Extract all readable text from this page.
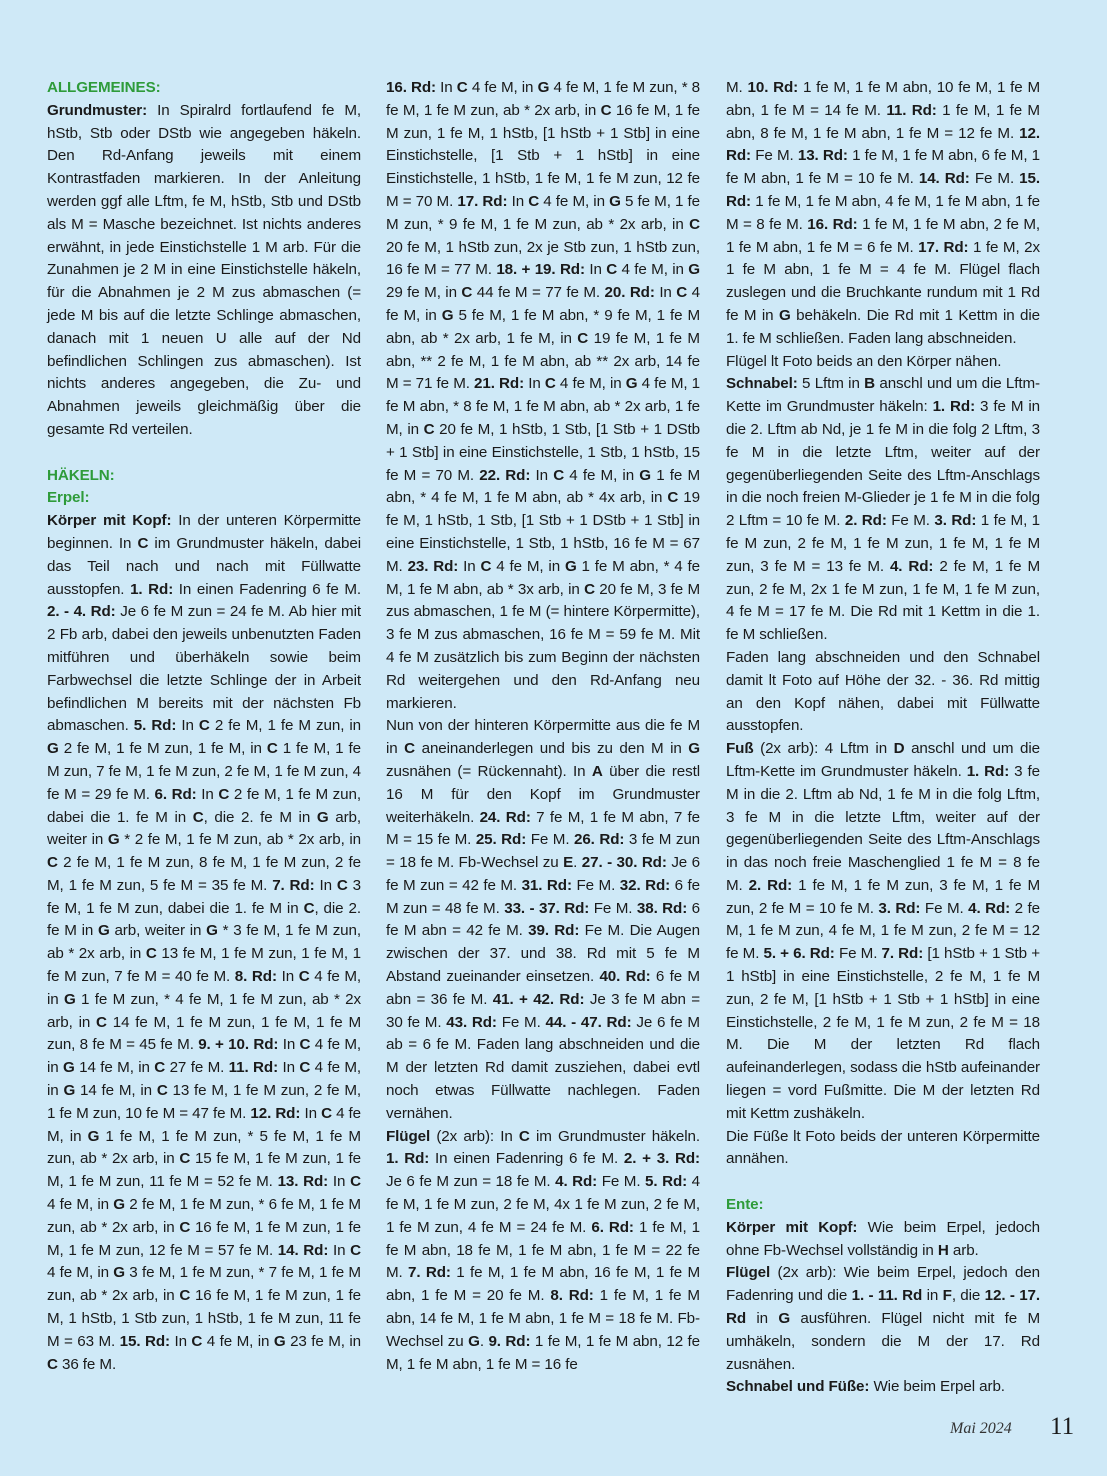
ALLGEMEINES:

Grundmuster: In Spiralrd fortlaufend fe M, hStb, Stb oder DStb wie angegeben häkeln. Den Rd-Anfang jeweils mit einem Kontrastfaden markieren. In der Anleitung werden ggf alle Lftm, fe M, hStb, Stb und DStb als M = Masche bezeichnet. Ist nichts anderes erwähnt, in jede Einstichstelle 1 M arb. Für die Zunahmen je 2 M in eine Einstichstelle häkeln, für die Abnahmen je 2 M zus abmaschen (= jede M bis auf die letzte Schlinge abmaschen, danach mit 1 neuen U alle auf der Nd befindlichen Schlingen zus abmaschen). Ist nichts anderes angegeben, die Zu- und Abnahmen jeweils gleichmäßig über die gesamte Rd verteilen.

HÄKELN:

Erpel:

Körper mit Kopf: In der unteren Körpermitte beginnen. In C im Grundmuster häkeln, dabei das Teil nach und nach mit Füllwatte ausstopfen. 1. Rd: In einen Fadenring 6 fe M. 2. - 4. Rd: Je 6 fe M zun = 24 fe M. Ab hier mit 2 Fb arb, dabei den jeweils unbenutzten Faden mitführen und überhäkeln sowie beim Farbwechsel die letzte Schlinge der in Arbeit befindlichen M bereits mit der nächsten Fb abmaschen. 5. Rd: In C 2 fe M, 1 fe M zun, in G 2 fe M, 1 fe M zun, 1 fe M, in C 1 fe M, 1 fe M zun, 7 fe M, 1 fe M zun, 2 fe M, 1 fe M zun, 4 fe M = 29 fe M. 6. Rd: In C 2 fe M, 1 fe M zun, dabei die 1. fe M in C, die 2. fe M in G arb, weiter in G * 2 fe M, 1 fe M zun, ab * 2x arb, in C 2 fe M, 1 fe M zun, 8 fe M, 1 fe M zun, 2 fe M, 1 fe M zun, 5 fe M = 35 fe M. 7. Rd: In C 3 fe M, 1 fe M zun, dabei die 1. fe M in C, die 2. fe M in G arb, weiter in G * 3 fe M, 1 fe M zun, ab * 2x arb, in C 13 fe M, 1 fe M zun, 1 fe M, 1 fe M zun, 7 fe M = 40 fe M. 8. Rd: In C 4 fe M, in G 1 fe M zun, * 4 fe M, 1 fe M zun, ab * 2x arb, in C 14 fe M, 1 fe M zun, 1 fe M, 1 fe M zun, 8 fe M = 45 fe M. 9. + 10. Rd: In C 4 fe M, in G 14 fe M, in C 27 fe M. 11. Rd: In C 4 fe M, in G 14 fe M, in C 13 fe M, 1 fe M zun, 2 fe M, 1 fe M zun, 10 fe M = 47 fe M. 12. Rd: In C 4 fe M, in G 1 fe M, 1 fe M zun, * 5 fe M, 1 fe M zun, ab * 2x arb, in C 15 fe M, 1 fe M zun, 1 fe M, 1 fe M zun, 11 fe M = 52 fe M. 13. Rd: In C 4 fe M, in G 2 fe M, 1 fe M zun, * 6 fe M, 1 fe M zun, ab * 2x arb, in C 16 fe M, 1 fe M zun, 1 fe M, 1 fe M zun, 12 fe M = 57 fe M. 14. Rd: In C 4 fe M, in G 3 fe M, 1 fe M zun, * 7 fe M, 1 fe M zun, ab * 2x arb, in C 16 fe M, 1 fe M zun, 1 fe M, 1 hStb, 1 Stb zun, 1 hStb, 1 fe M zun, 11 fe M = 63 M. 15. Rd: In C 4 fe M, in G 23 fe M, in C 36 fe M.

16. Rd: In C 4 fe M, in G 4 fe M, 1 fe M zun, * 8 fe M, 1 fe M zun, ab * 2x arb, in C 16 fe M, 1 fe M zun, 1 fe M, 1 hStb, [1 hStb + 1 Stb] in eine Einstichstelle, [1 Stb + 1 hStb] in eine Einstichstelle, 1 hStb, 1 fe M, 1 fe M zun, 12 fe M = 70 M. 17. Rd: In C 4 fe M, in G 5 fe M, 1 fe M zun, * 9 fe M, 1 fe M zun, ab * 2x arb, in C 20 fe M, 1 hStb zun, 2x je Stb zun, 1 hStb zun, 16 fe M = 77 M. 18. + 19. Rd: In C 4 fe M, in G 29 fe M, in C 44 fe M = 77 fe M. 20. Rd: In C 4 fe M, in G 5 fe M, 1 fe M abn, * 9 fe M, 1 fe M abn, ab * 2x arb, 1 fe M, in C 19 fe M, 1 fe M abn, ** 2 fe M, 1 fe M abn, ab ** 2x arb, 14 fe M = 71 fe M. 21. Rd: In C 4 fe M, in G 4 fe M, 1 fe M abn, * 8 fe M, 1 fe M abn, ab * 2x arb, 1 fe M, in C 20 fe M, 1 hStb, 1 Stb, [1 Stb + 1 DStb + 1 Stb] in eine Einstichstelle, 1 Stb, 1 hStb, 15 fe M = 70 M. 22. Rd: In C 4 fe M, in G 1 fe M abn, * 4 fe M, 1 fe M abn, ab * 4x arb, in C 19 fe M, 1 hStb, 1 Stb, [1 Stb + 1 DStb + 1 Stb] in eine Einstichstelle, 1 Stb, 1 hStb, 16 fe M = 67 M. 23. Rd: In C 4 fe M, in G 1 fe M abn, * 4 fe M, 1 fe M abn, ab * 3x arb, in C 20 fe M, 3 fe M zus abmaschen, 1 fe M (= hintere Körpermitte), 3 fe M zus abmaschen, 16 fe M = 59 fe M. Mit 4 fe M zusätzlich bis zum Beginn der nächsten Rd weitergehen und den Rd-Anfang neu markieren.

Nun von der hinteren Körpermitte aus die fe M in C aneinanderlegen und bis zu den M in G zusnähen (= Rückennaht). In A über die restl 16 M für den Kopf im Grundmuster weiterhäkeln. 24. Rd: 7 fe M, 1 fe M abn, 7 fe M = 15 fe M. 25. Rd: Fe M. 26. Rd: 3 fe M zun = 18 fe M. Fb-Wechsel zu E. 27. - 30. Rd: Je 6 fe M zun = 42 fe M. 31. Rd: Fe M. 32. Rd: 6 fe M zun = 48 fe M. 33. - 37. Rd: Fe M. 38. Rd: 6 fe M abn = 42 fe M. 39. Rd: Fe M. Die Augen zwischen der 37. und 38. Rd mit 5 fe M Abstand zueinander einsetzen. 40. Rd: 6 fe M abn = 36 fe M. 41. + 42. Rd: Je 3 fe M abn = 30 fe M. 43. Rd: Fe M. 44. - 47. Rd: Je 6 fe M ab = 6 fe M. Faden lang abschneiden und die M der letzten Rd damit zusziehen, dabei evtl noch etwas Füllwatte nachlegen. Faden vernähen.

Flügel (2x arb): In C im Grundmuster häkeln. 1. Rd: In einen Fadenring 6 fe M. 2. + 3. Rd: Je 6 fe M zun = 18 fe M. 4. Rd: Fe M. 5. Rd: 4 fe M, 1 fe M zun, 2 fe M, 4x 1 fe M zun, 2 fe M, 1 fe M zun, 4 fe M = 24 fe M. 6. Rd: 1 fe M, 1 fe M abn, 18 fe M, 1 fe M abn, 1 fe M = 22 fe M. 7. Rd: 1 fe M, 1 fe M abn, 16 fe M, 1 fe M abn, 1 fe M = 20 fe M. 8. Rd: 1 fe M, 1 fe M abn, 14 fe M, 1 fe M abn, 1 fe M = 18 fe M. Fb-Wechsel zu G. 9. Rd: 1 fe M, 1 fe M abn, 12 fe M, 1 fe M abn, 1 fe M = 16 fe

M. 10. Rd: 1 fe M, 1 fe M abn, 10 fe M, 1 fe M abn, 1 fe M = 14 fe M. 11. Rd: 1 fe M, 1 fe M abn, 8 fe M, 1 fe M abn, 1 fe M = 12 fe M. 12. Rd: Fe M. 13. Rd: 1 fe M, 1 fe M abn, 6 fe M, 1 fe M abn, 1 fe M = 10 fe M. 14. Rd: Fe M. 15. Rd: 1 fe M, 1 fe M abn, 4 fe M, 1 fe M abn, 1 fe M = 8 fe M. 16. Rd: 1 fe M, 1 fe M abn, 2 fe M, 1 fe M abn, 1 fe M = 6 fe M. 17. Rd: 1 fe M, 2x 1 fe M abn, 1 fe M = 4 fe M. Flügel flach zuslegen und die Bruchkante rundum mit 1 Rd fe M in G behäkeln. Die Rd mit 1 Kettm in die 1. fe M schließen. Faden lang abschneiden.

Flügel lt Foto beids an den Körper nähen.

Schnabel: 5 Lftm in B anschl und um die Lftm-Kette im Grundmuster häkeln: 1. Rd: 3 fe M in die 2. Lftm ab Nd, je 1 fe M in die folg 2 Lftm, 3 fe M in die letzte Lftm, weiter auf der gegenüberliegenden Seite des Lftm-Anschlags in die noch freien M-Glieder je 1 fe M in die folg 2 Lftm = 10 fe M. 2. Rd: Fe M. 3. Rd: 1 fe M, 1 fe M zun, 2 fe M, 1 fe M zun, 1 fe M, 1 fe M zun, 3 fe M = 13 fe M. 4. Rd: 2 fe M, 1 fe M zun, 2 fe M, 2x 1 fe M zun, 1 fe M, 1 fe M zun, 4 fe M = 17 fe M. Die Rd mit 1 Kettm in die 1. fe M schließen.

Faden lang abschneiden und den Schnabel damit lt Foto auf Höhe der 32. - 36. Rd mittig an den Kopf nähen, dabei mit Füllwatte ausstopfen.

Fuß (2x arb): 4 Lftm in D anschl und um die Lftm-Kette im Grundmuster häkeln. 1. Rd: 3 fe M in die 2. Lftm ab Nd, 1 fe M in die folg Lftm, 3 fe M in die letzte Lftm, weiter auf der gegenüberliegenden Seite des Lftm-Anschlags in das noch freie Maschenglied 1 fe M = 8 fe M. 2. Rd: 1 fe M, 1 fe M zun, 3 fe M, 1 fe M zun, 2 fe M = 10 fe M. 3. Rd: Fe M. 4. Rd: 2 fe M, 1 fe M zun, 4 fe M, 1 fe M zun, 2 fe M = 12 fe M. 5. + 6. Rd: Fe M. 7. Rd: [1 hStb + 1 Stb + 1 hStb] in eine Einstichstelle, 2 fe M, 1 fe M zun, 2 fe M, [1 hStb + 1 Stb + 1 hStb] in eine Einstichstelle, 2 fe M, 1 fe M zun, 2 fe M = 18 M. Die M der letzten Rd flach aufeinanderlegen, sodass die hStb aufeinander liegen = vord Fußmitte. Die M der letzten Rd mit Kettm zushäkeln.

Die Füße lt Foto beids der unteren Körpermitte annähen.

Ente:

Körper mit Kopf: Wie beim Erpel, jedoch ohne Fb-Wechsel vollständig in H arb.

Flügel (2x arb): Wie beim Erpel, jedoch den Fadenring und die 1. - 11. Rd in F, die 12. - 17. Rd in G ausführen. Flügel nicht mit fe M umhäkeln, sondern die M der 17. Rd zusnähen.

Schnabel und Füße: Wie beim Erpel arb.

Mai 2024 11
